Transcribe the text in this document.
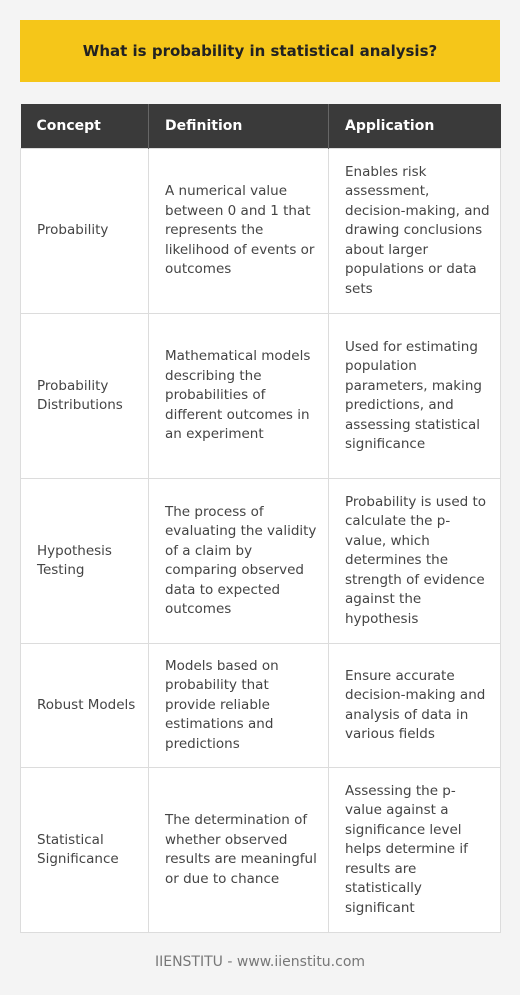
What is probability in statistical analysis?
Concept	Definition	Application
Probability	A numerical value between 0 and 1 that represents the likelihood of events or outcomes	Enables risk assessment, decision-making, and drawing conclusions about larger populations or data sets
Probability Distributions	Mathematical models describing the probabilities of different outcomes in an experiment	Used for estimating population parameters, making predictions, and assessing statistical significance
Hypothesis Testing	The process of evaluating the validity of a claim by comparing observed data to expected outcomes	Probability is used to calculate the p-value, which determines the strength of evidence against the hypothesis
Robust Models	Models based on probability that provide reliable estimations and predictions	Ensure accurate decision-making and analysis of data in various fields
Statistical Significance	The determination of whether observed results are meaningful or due to chance	Assessing the p-value against a significance level helps determine if results are statistically significant
IIENSTITU - www.iienstitu.com
